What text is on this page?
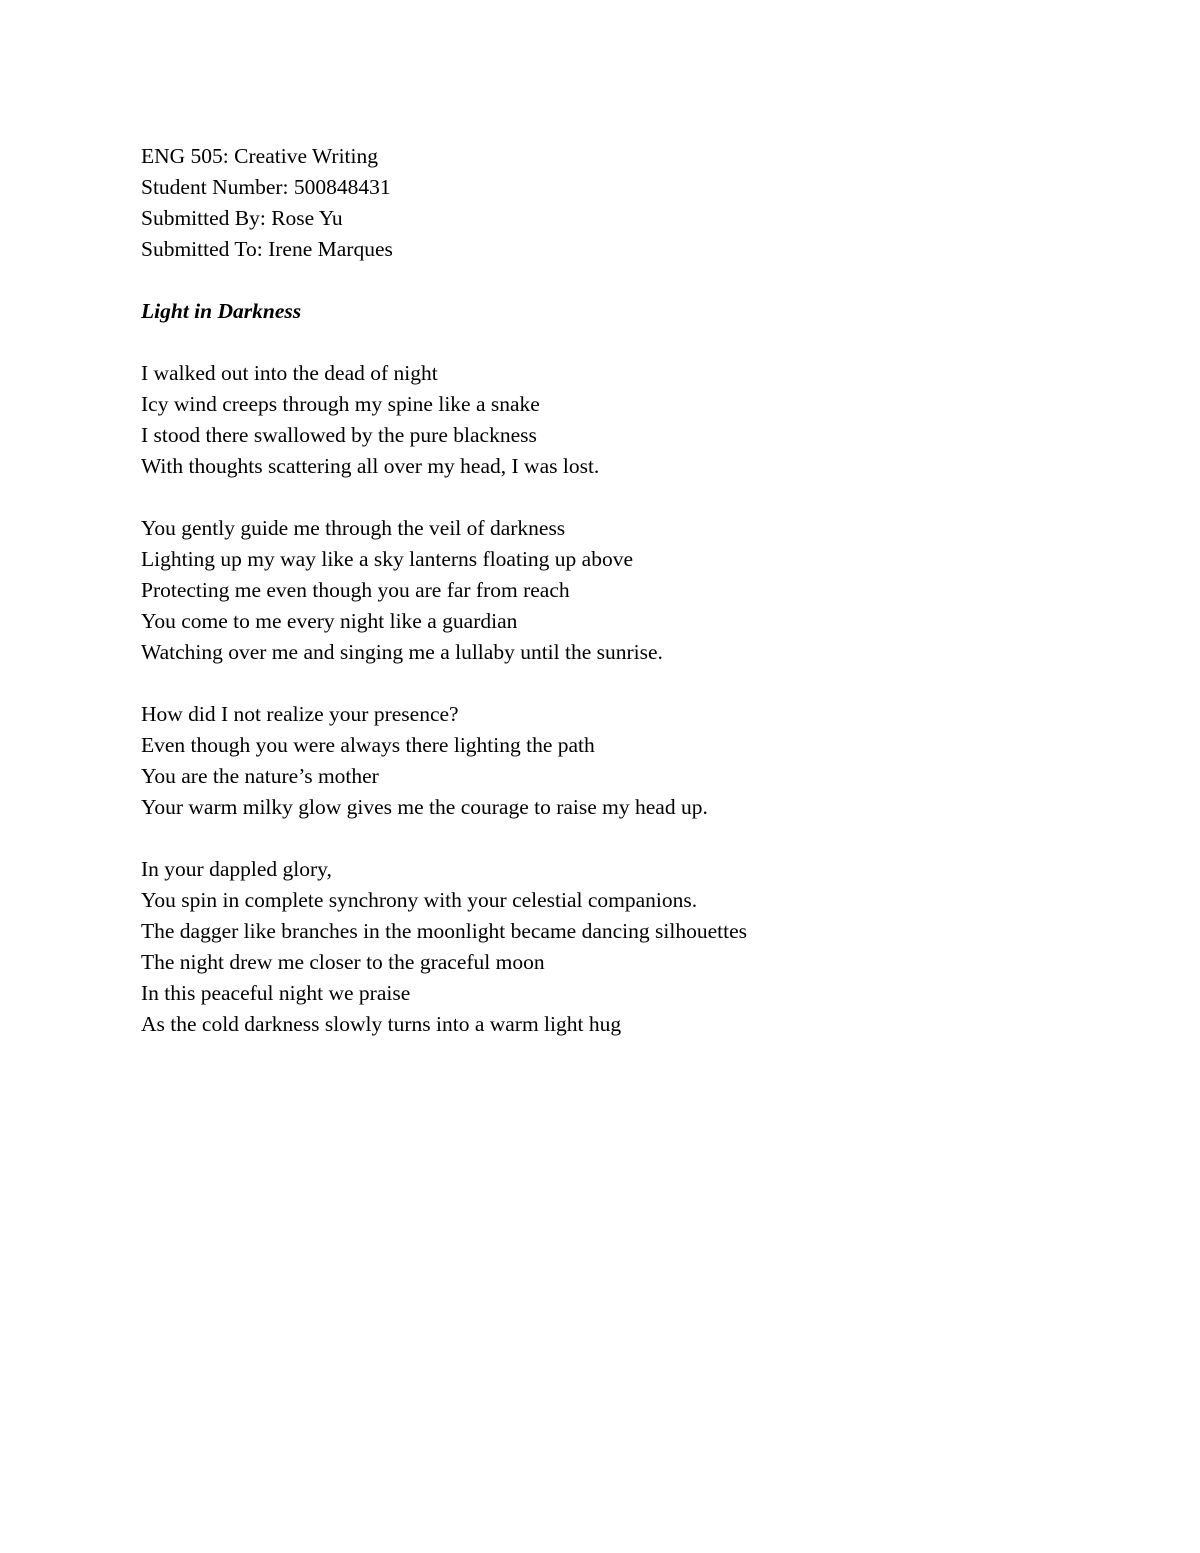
ENG 505: Creative Writing
Student Number: 500848431
Submitted By: Rose Yu
Submitted To: Irene Marques
Light in Darkness
I walked out into the dead of night
Icy wind creeps through my spine like a snake
I stood there swallowed by the pure blackness
With thoughts scattering all over my head, I was lost.
You gently guide me through the veil of darkness
Lighting up my way like a sky lanterns floating up above
Protecting me even though you are far from reach
You come to me every night like a guardian
Watching over me and singing me a lullaby until the sunrise.
How did I not realize your presence?
Even though you were always there lighting the path
You are the nature’s mother
Your warm milky glow gives me the courage to raise my head up.
In your dappled glory,
You spin in complete synchrony with your celestial companions.
The dagger like branches in the moonlight became dancing silhouettes
The night drew me closer to the graceful moon
In this peaceful night we praise
As the cold darkness slowly turns into a warm light hug
